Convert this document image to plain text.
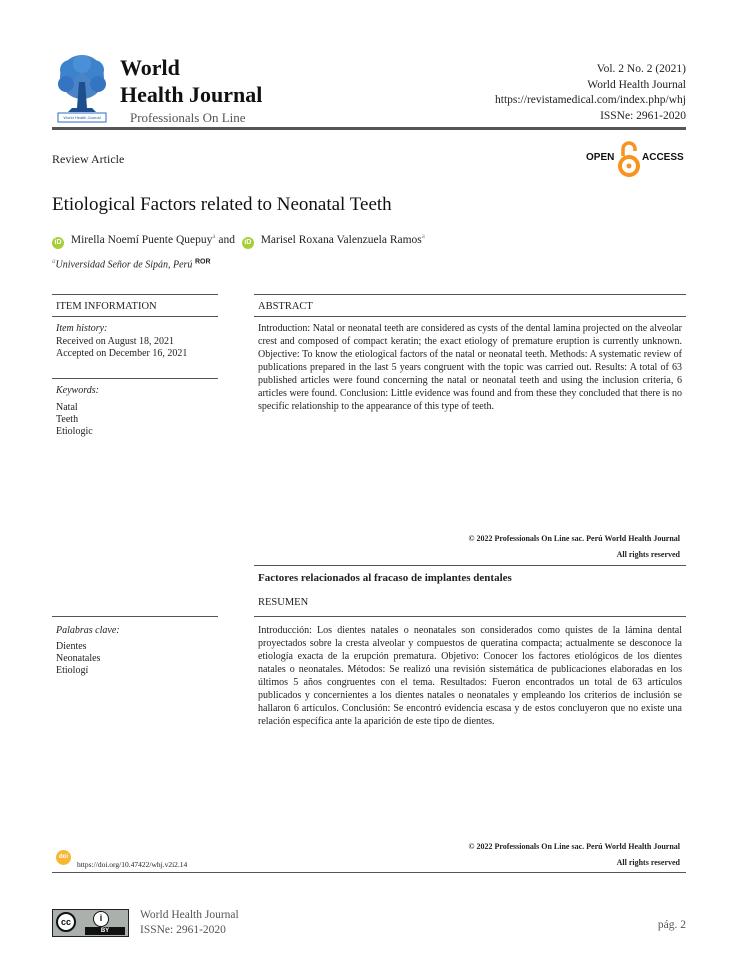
World Health Journal
World
Health Journal
Professionals On Line
Vol. 2 No. 2 (2021)
World Health Journal
https://revistamedical.com/index.php/whj
ISSNe: 2961-2020
Review Article	OPEN	ACCESS
Etiological Factors related to Neonatal Teeth
iD Mirella Noemí Puente Quepuy$^a$ and iD Marisel Roxana Valenzuela Ramos$^a$
$^a$Universidad Señor de Sipán, Perú $^{ROR}$
ITEM INFORMATION
Item history:
Received on August 18, 2021
Accepted on December 16, 2021
Keywords:
Natal
Teeth
Etiologic
ABSTRACT
Introduction: Natal or neonatal teeth are considered as cysts of the dental lamina projected on the alveolar crest and composed of compact keratin; the exact etiology of premature eruption is currently unknown. Objective: To know the etiological factors of the natal or neonatal teeth. Methods: A systematic review of publications prepared in the last 5 years congruent with the topic was carried out. Results: A total of 63 published articles were found concerning the natal or neonatal teeth and using the inclusion criteria, 6 articles were found. Conclusion: Little evidence was found and from these they concluded that there is no specific relationship to the appearance of this type of teeth.
© 2022 Professionals On Line sac. Perú World Health Journal
All rights reserved
Factores relacionados al fracaso de implantes dentales
RESUMEN
Introducción: Los dientes natales o neonatales son considerados como quistes de la lámina dental proyectados sobre la cresta alveolar y compuestos de queratina compacta; actualmente se desconoce la etiología exacta de la erupción prematura. Objetivo: Conocer los factores etiológicos de los dientes natales o neonatales. Métodos: Se realizó una revisión sistemática de publicaciones elaboradas en los últimos 5 años congruentes con el tema. Resultados: Fueron encontrados un total de 63 artículos publicados y concernientes a los dientes natales o neonatales y empleando los criterios de inclusión se hallaron 6 artículos. Conclusión: Se encontró evidencia escasa y de estos concluyeron que no existe una relación específica ante la aparición de este tipo de dientes.
Palabras clave:
Dientes
Neonatales
Etiologí
© 2022 Professionals On Line sac. Perú World Health Journal
All rights reserved
doi $_{https://doi.org/10.47422/whj.v2i2.14}$
cc	i
BY
World Health Journal
ISSNe: 2961-2020	pág. 2
